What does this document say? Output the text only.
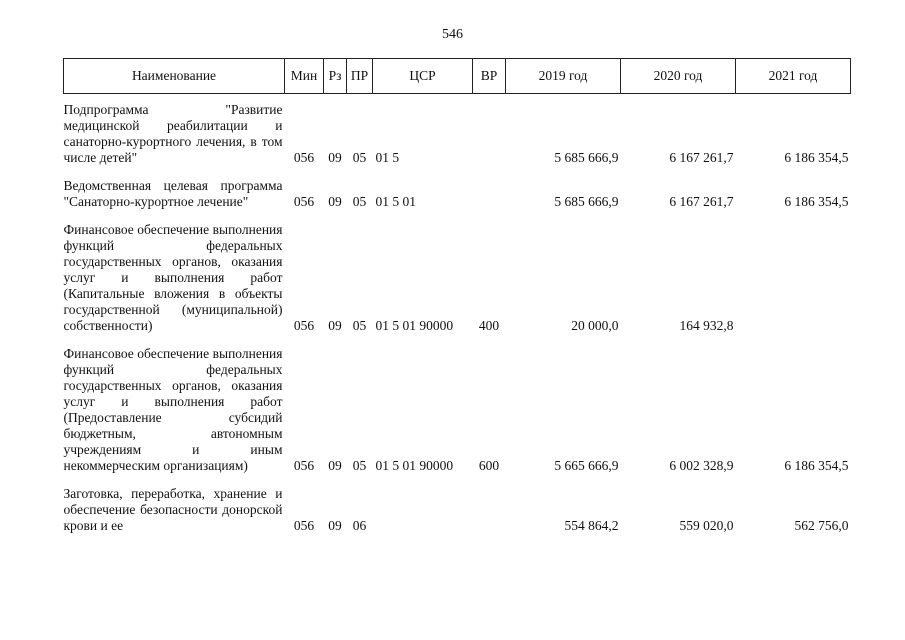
546
Наименование	Мин	Рз	ПР	ЦСР	ВР	2019 год	2020 год	2021 год
Подпрограмма "Развитие медицинской реабилитации и санаторно-курортного лечения, в том числе детей"	056	09	05	01 5		5 685 666,9	6 167 261,7	6 186 354,5

Ведомственная целевая программа "Санаторно-курортное лечение"	056	09	05	01 5 01		5 685 666,9	6 167 261,7	6 186 354,5

Финансовое обеспечение выполнения функций федеральных государственных органов, оказания услуг и выполнения работ (Капитальные вложения в объекты государственной (муниципальной) собственности)	056	09	05	01 5 01 90000	400	20 000,0	164 932,8	

Финансовое обеспечение выполнения функций федеральных государственных органов, оказания услуг и выполнения работ (Предоставление субсидий бюджетным, автономным учреждениям и иным некоммерческим организациям)	056	09	05	01 5 01 90000	600	5 665 666,9	6 002 328,9	6 186 354,5

Заготовка, переработка, хранение и обеспечение безопасности донорской крови и ее	056	09	06			554 864,2	559 020,0	562 756,0
